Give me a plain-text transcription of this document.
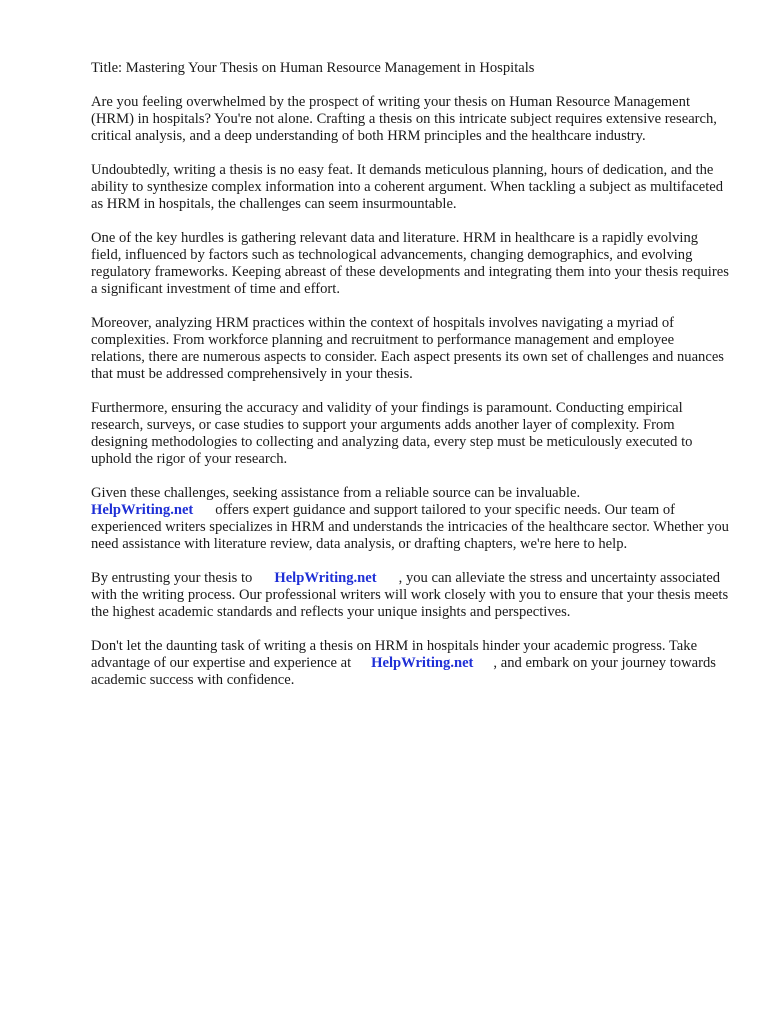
Title: Mastering Your Thesis on Human Resource Management in Hospitals

Are you feeling overwhelmed by the prospect of writing your thesis on Human Resource Management (HRM) in hospitals? You're not alone. Crafting a thesis on this intricate subject requires extensive research, critical analysis, and a deep understanding of both HRM principles and the healthcare industry.

Undoubtedly, writing a thesis is no easy feat. It demands meticulous planning, hours of dedication, and the ability to synthesize complex information into a coherent argument. When tackling a subject as multifaceted as HRM in hospitals, the challenges can seem insurmountable.

One of the key hurdles is gathering relevant data and literature. HRM in healthcare is a rapidly evolving field, influenced by factors such as technological advancements, changing demographics, and evolving regulatory frameworks. Keeping abreast of these developments and integrating them into your thesis requires a significant investment of time and effort.

Moreover, analyzing HRM practices within the context of hospitals involves navigating a myriad of complexities. From workforce planning and recruitment to performance management and employee relations, there are numerous aspects to consider. Each aspect presents its own set of challenges and nuances that must be addressed comprehensively in your thesis.

Furthermore, ensuring the accuracy and validity of your findings is paramount. Conducting empirical research, surveys, or case studies to support your arguments adds another layer of complexity. From designing methodologies to collecting and analyzing data, every step must be meticulously executed to uphold the rigor of your research.

Given these challenges, seeking assistance from a reliable source can be invaluable.
HelpWriting.net offers expert guidance and support tailored to your specific needs. Our team of experienced writers specializes in HRM and understands the intricacies of the healthcare sector. Whether you need assistance with literature review, data analysis, or drafting chapters, we're here to help.

By entrusting your thesis to HelpWriting.net , you can alleviate the stress and uncertainty associated with the writing process. Our professional writers will work closely with you to ensure that your thesis meets the highest academic standards and reflects your unique insights and perspectives.

Don't let the daunting task of writing a thesis on HRM in hospitals hinder your academic progress. Take advantage of our expertise and experience at HelpWriting.net , and embark on your journey towards academic success with confidence.
